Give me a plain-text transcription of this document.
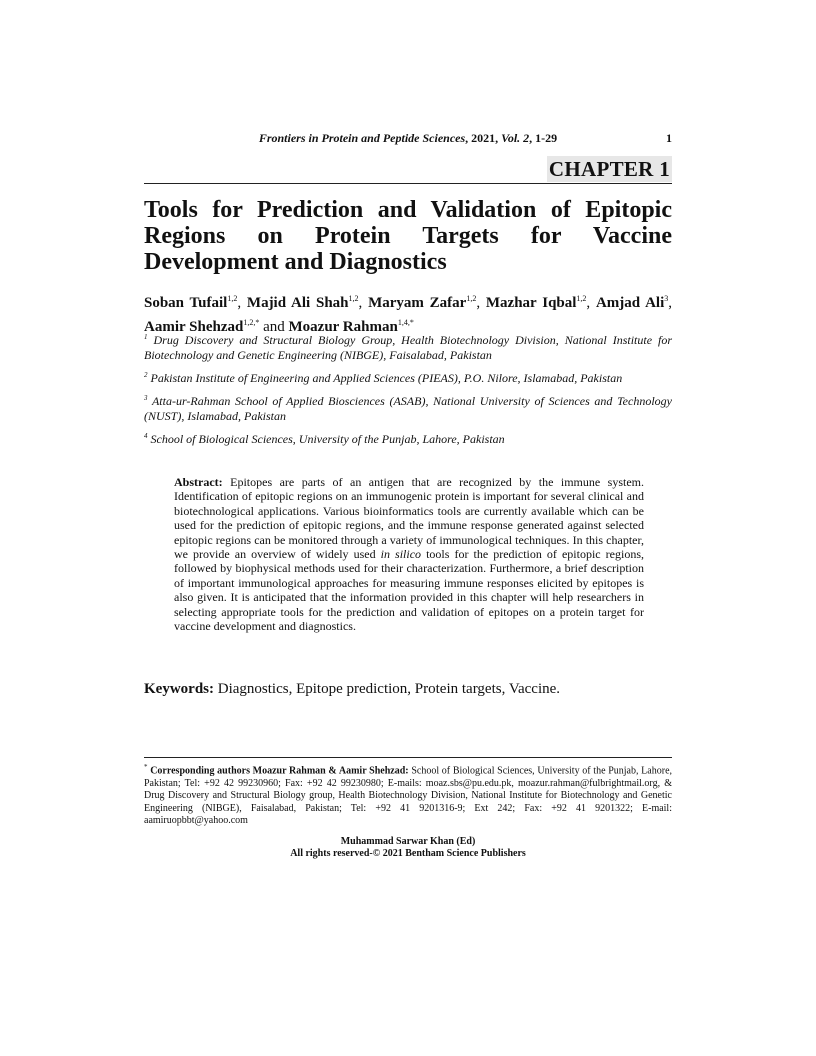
Frontiers in Protein and Peptide Sciences, 2021, Vol. 2, 1-29	1
CHAPTER 1
Tools for Prediction and Validation of Epitopic Regions on Protein Targets for Vaccine Development and Diagnostics

Soban Tufail$^{1,2}$, Majid Ali Shah$^{1,2}$, Maryam Zafar$^{1,2}$, Mazhar Iqbal$^{1,2}$, Amjad Ali$^3$, Aamir Shehzad$^{1,2,*}$ and Moazur Rahman$^{1,4,*}$

$^1$ Drug Discovery and Structural Biology Group, Health Biotechnology Division, National Institute for Biotechnology and Genetic Engineering (NIBGE), Faisalabad, Pakistan

$^2$ Pakistan Institute of Engineering and Applied Sciences (PIEAS), P.O. Nilore, Islamabad, Pakistan

$^3$ Atta-ur-Rahman School of Applied Biosciences (ASAB), National University of Sciences and Technology (NUST), Islamabad, Pakistan

$^4$ School of Biological Sciences, University of the Punjab, Lahore, Pakistan

Abstract: Epitopes are parts of an antigen that are recognized by the immune system. Identification of epitopic regions on an immunogenic protein is important for several clinical and biotechnological applications. Various bioinformatics tools are currently available which can be used for the prediction of epitopic regions, and the immune response generated against selected epitopic regions can be monitored through a variety of immunological techniques. In this chapter, we provide an overview of widely used in silico tools for the prediction of epitopic regions, followed by biophysical methods used for their characterization. Furthermore, a brief description of important immunological approaches for measuring immune responses elicited by epitopes is also given. It is anticipated that the information provided in this chapter will help researchers in selecting appropriate tools for the prediction and validation of epitopes on a protein target for vaccine development and diagnostics.

Keywords: Diagnostics, Epitope prediction, Protein targets, Vaccine.

* Corresponding authors Moazur Rahman & Aamir Shehzad: School of Biological Sciences, University of the Punjab, Lahore, Pakistan; Tel: +92 42 99230960; Fax: +92 42 99230980; E-mails: moaz.sbs@pu.edu.pk, moazur.rahman@fulbrightmail.org, & Drug Discovery and Structural Biology group, Health Biotechnology Division, National Institute for Biotechnology and Genetic Engineering (NIBGE), Faisalabad, Pakistan; Tel: +92 41 9201316-9; Ext 242; Fax: +92 41 9201322; E-mail: aamiruopbbt@yahoo.com

Muhammad Sarwar Khan (Ed)
All rights reserved-© 2021 Bentham Science Publishers
